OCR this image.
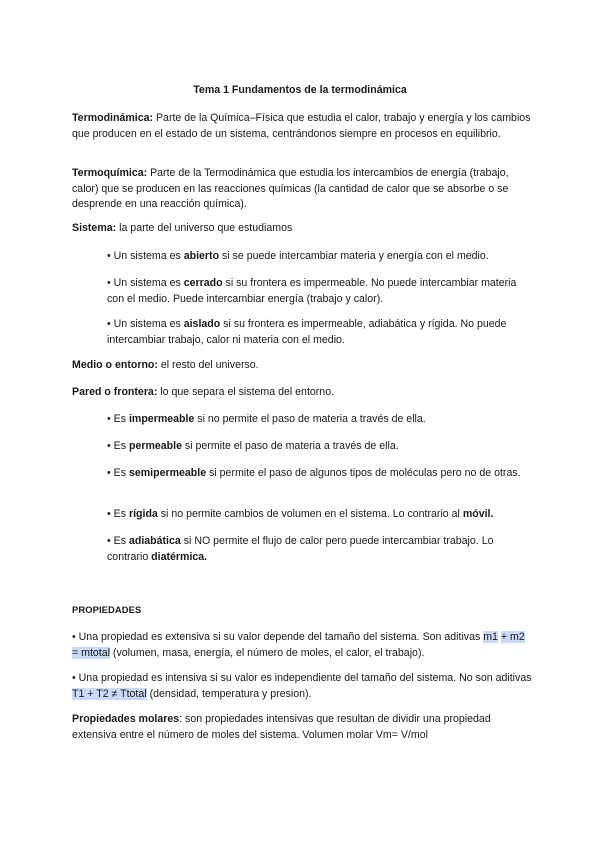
Tema 1 Fundamentos de la termodinámica

Termodinámica: Parte de la Química–Física que estudia el calor, trabajo y energía y los cambios que producen en el estado de un sistema, centrándonos siempre en procesos en equilibrio.

Termoquímica: Parte de la Termodinámica que estudia los intercambios de energía (trabajo, calor) que se producen en las reacciones químicas (la cantidad de calor que se absorbe o se desprende en una reacción química).

Sistema: la parte del universo que estudiamos

• Un sistema es abierto si se puede intercambiar materia y energía con el medio.

• Un sistema es cerrado si su frontera es impermeable. No puede intercambiar materia con el medio. Puede intercambiar energía (trabajo y calor).

• Un sistema es aislado si su frontera es impermeable, adiabática y rígida. No puede intercambiar trabajo, calor ni materia con el medio.

Medio o entorno: el resto del universo.

Pared o frontera: lo que separa el sistema del entorno.

• Es impermeable si no permite el paso de materia a través de ella.

• Es permeable si permite el paso de materia a través de ella.

• Es semipermeable si permite el paso de algunos tipos de moléculas pero no de otras.

• Es rígida si no permite cambios de volumen en el sistema. Lo contrario al móvil.

• Es adiabática si NO permite el flujo de calor pero puede intercambiar trabajo. Lo contrario diatérmica.

PROPIEDADES

• Una propiedad es extensiva si su valor depende del tamaño del sistema. Son aditivas m1 + m2 = mtotal (volumen, masa, energía, el número de moles, el calor, el trabajo).

• Una propiedad es intensiva si su valor es independiente del tamaño del sistema. No son aditivas T1 + T2 ≠ Ttotal (densidad, temperatura y presion).

Propiedades molares: son propiedades intensivas que resultan de dividir una propiedad extensiva entre el número de moles del sistema. Volumen molar Vm= V/mol
